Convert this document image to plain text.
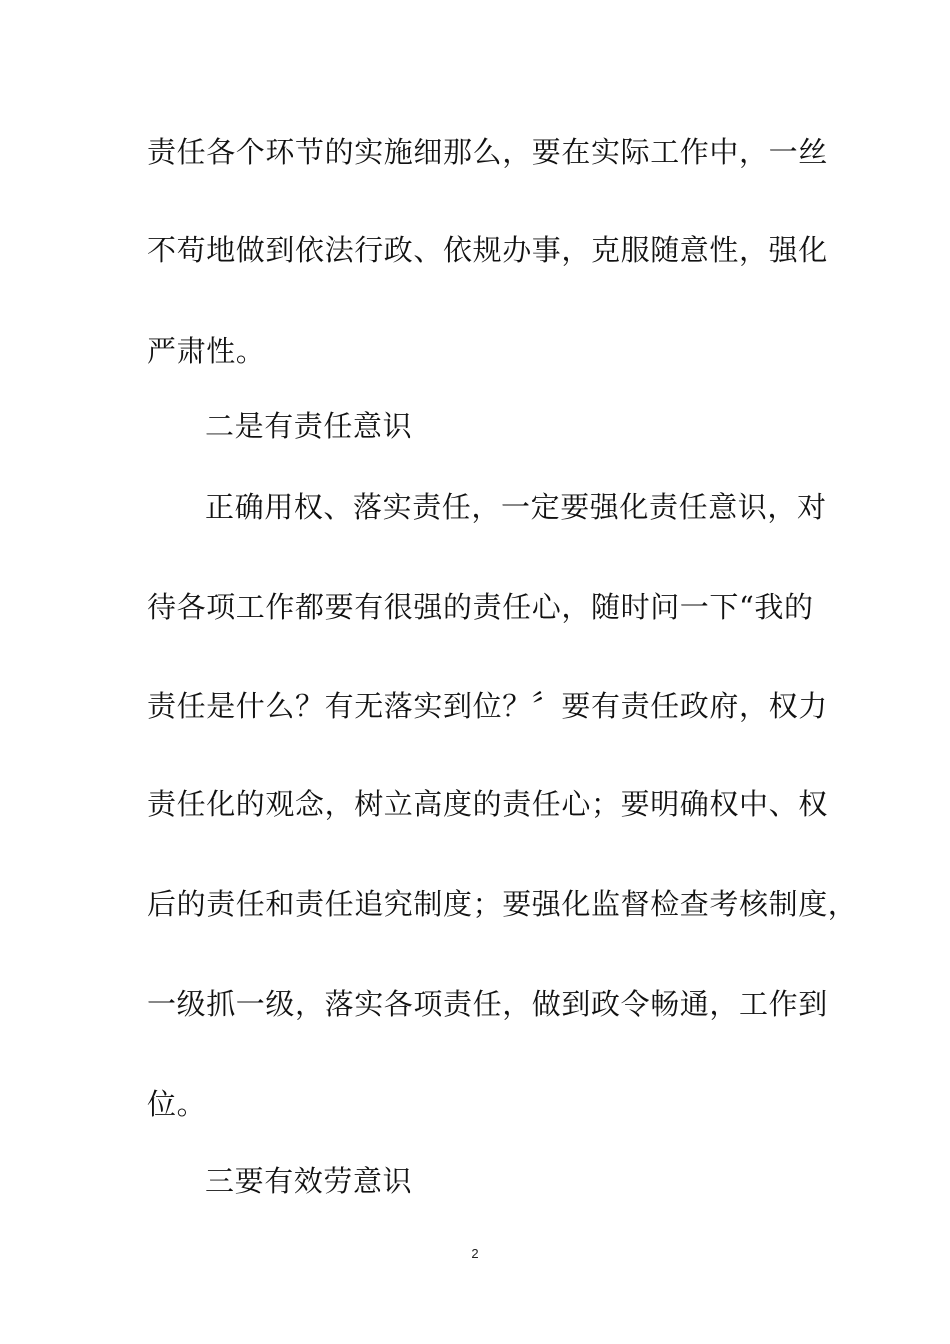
责任各个环节的实施细那么，要在实际工作中，一丝
不苟地做到依法行政、依规办事，克服随意性，强化
严肃性。
二是有责任意识
正确用权、落实责任，一定要强化责任意识，对
待各项工作都要有很强的责任心，随时问一下“我的
责任是什么？有无落实到位？〞要有责任政府，权力
责任化的观念，树立高度的责任心；要明确权中、权
后的责任和责任追究制度；要强化监督检查考核制度，
一级抓一级，落实各项责任，做到政令畅通，工作到
位。
三要有效劳意识
2
